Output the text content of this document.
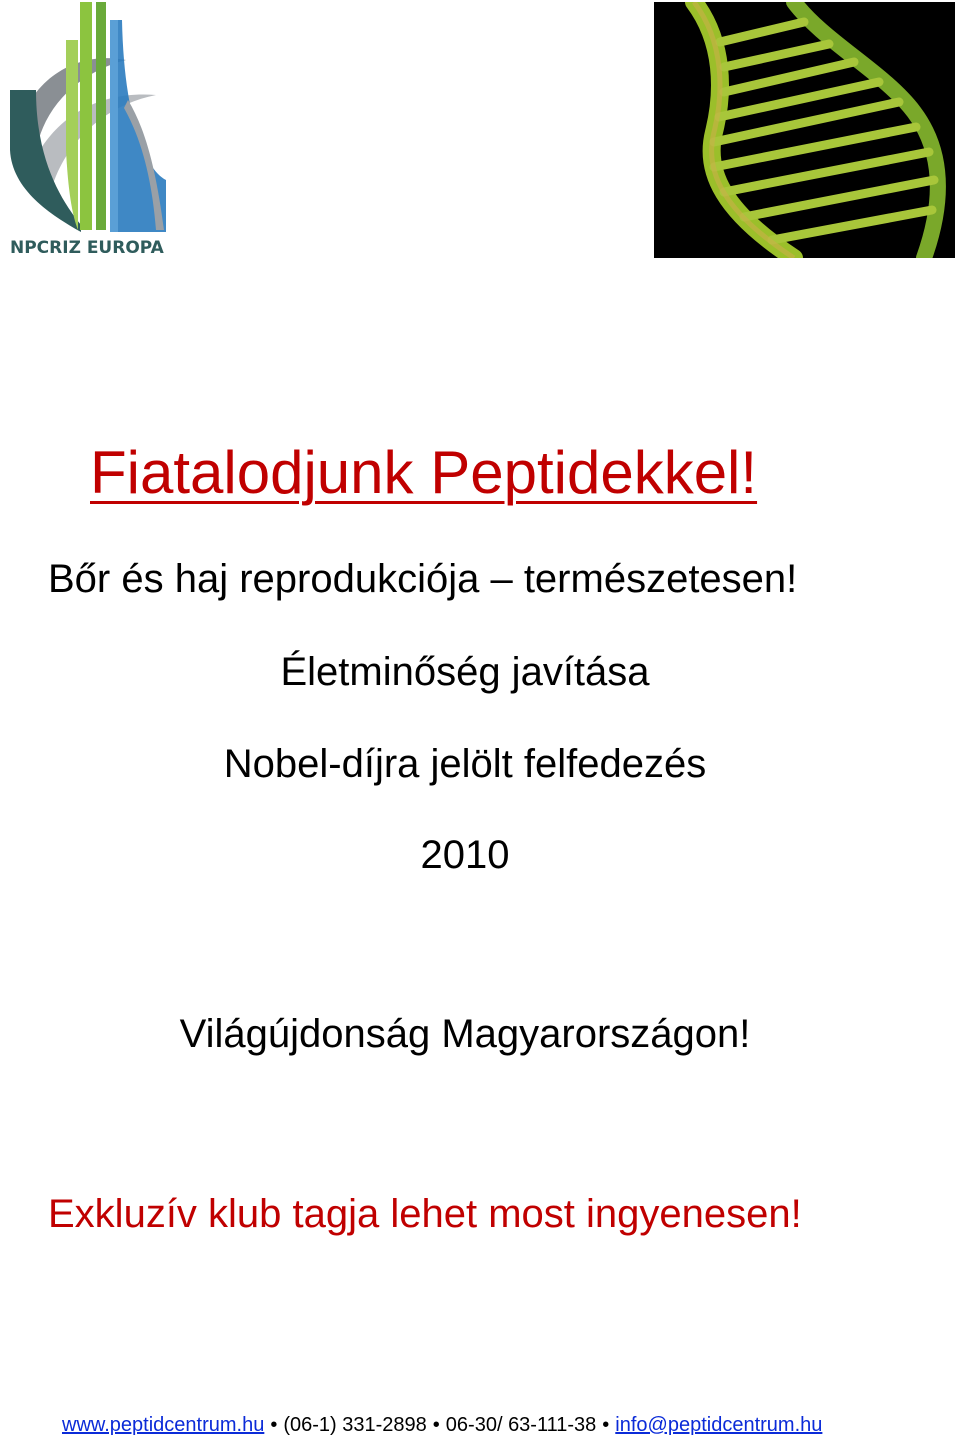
NPCRIZ EUROPA
Fiatalodjunk Peptidekkel!
Bőr és haj reprodukciója – természetesen!
Életminőség javítása
Nobel-díjra jelölt felfedezés
2010
Világújdonság Magyarországon!
Exkluzív klub tagja lehet most ingyenesen!
www.peptidcentrum.hu • (06-1) 331-2898 • 06-30/ 63-111-38 • info@peptidcentrum.hu
